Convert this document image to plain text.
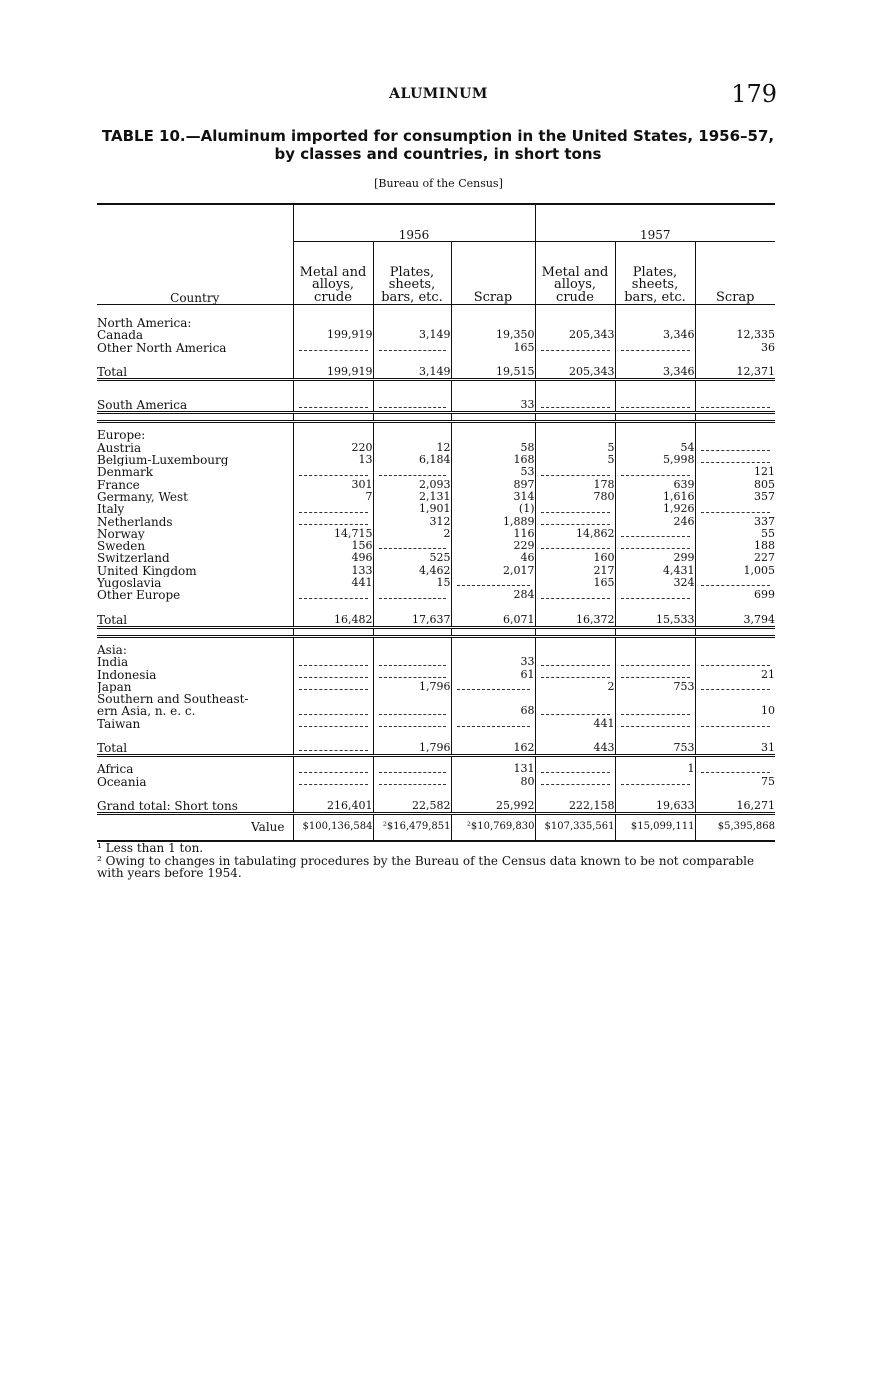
ALUMINUM	179
TABLE 10.—Aluminum imported for consumption in the United States, 1956–57,
by classes and countries, in short tons
[Bureau of the Census]
Country	1956			1957		
	Metal and alloys, crude	Plates, sheets, bars, etc.	Scrap	Metal and alloys, crude	Plates, sheets, bars, etc.	Scrap

North America:						
Canada	199,919	3,149	19,350	205,343	3,346	12,335
Other North America			165			36

Total	199,919	3,149	19,515	205,343	3,346	12,371

South America			33	

Europe:						
Austria	220	12	58	5	54	

Belgium-Luxembourg	13	6,184	168	5	5,998	

Denmark			53			121
France	301	2,093	897	178	639	805
Germany, West	7	2,131	314	780	1,616	357
Italy		1,901	(1)		1,926	

Netherlands		312	1,889		246	337
Norway	14,715	2	116	14,862		55
Sweden	156		229			188
Switzerland	496	525	46	160	299	227
United Kingdom	133	4,462	2,017	217	4,431	1,005
Yugoslavia	441	15		165	324	

Other Europe			284			699

Total	16,482	17,637	6,071	16,372	15,533	3,794

Asia:						
India			33	

Indonesia			61			21
Japan		1,796		2	753	

Southern and Southeast-						
ern Asia, n. e. c.			68			10
Taiwan				441	

Total		1,796	162	443	753	31

Africa			131		1	

Oceania			80			75

Grand total: Short tons	216,401	22,582	25,992	222,158	19,633	16,271

Value	$100,136,584	²$16,479,851	²$10,769,830	$107,335,561	$15,099,111	$5,395,868

¹ Less than 1 ton.
² Owing to changes in tabulating procedures by the Bureau of the Census data known to be not comparable with years before 1954.
